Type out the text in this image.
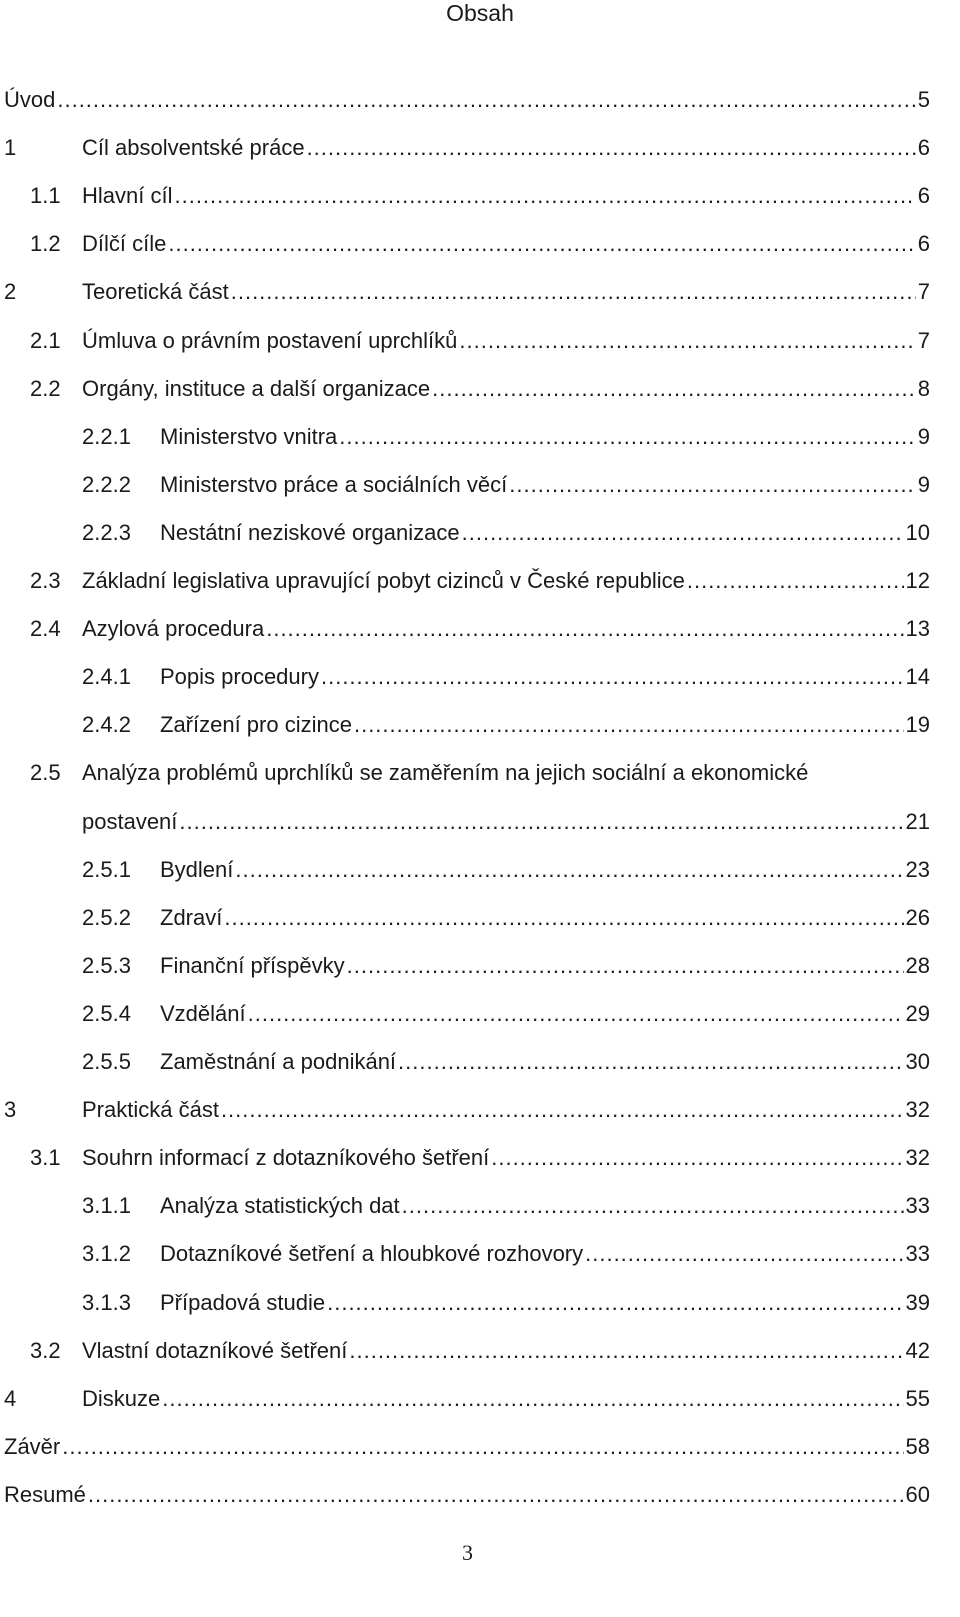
Obsah
Úvod .....	5
1	Cíl absolventské práce .....	6
1.1 Hlavní cíl .....	6
1.2 Dílčí cíle .....	6
2	Teoretická část .....	7
2.1 Úmluva o právním postavení uprchlíků .....	7
2.2 Orgány, instituce a další organizace .....	8
2.2.1 Ministerstvo vnitra .....	9
2.2.2 Ministerstvo práce a sociálních věcí .....	9
2.2.3 Nestátní neziskové organizace .....	10
2.3 Základní legislativa upravující pobyt cizinců v České republice .....	12
2.4 Azylová procedura .....	13
2.4.1 Popis procedury .....	14
2.4.2 Zařízení pro cizince .....	19
2.5 Analýza problémů uprchlíků se zaměřením na jejich sociální a ekonomické
postavení .....	21
2.5.1 Bydlení .....	23
2.5.2 Zdraví .....	26
2.5.3 Finanční příspěvky .....	28
2.5.4 Vzdělání .....	29
2.5.5 Zaměstnání a podnikání .....	30
3	Praktická část .....	32
3.1 Souhrn informací z dotazníkového šetření .....	32
3.1.1 Analýza statistických dat .....	33
3.1.2 Dotazníkové šetření a hloubkové rozhovory .....	33
3.1.3 Případová studie .....	39
3.2 Vlastní dotazníkové šetření .....	42
4	Diskuze .....	55
Závěr .....	58
Resumé .....	60
3
